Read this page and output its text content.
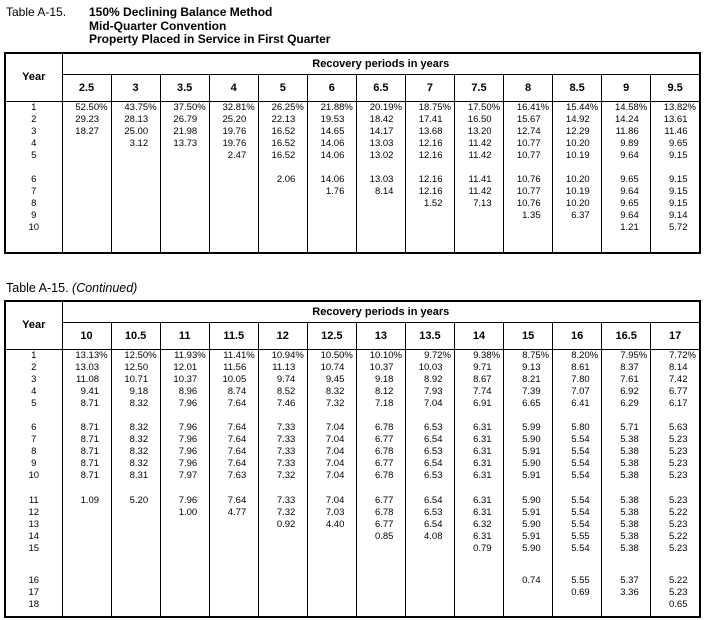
Table A-15.	150% Declining Balance Method
Mid-Quarter Convention
Property Placed in Service in First Quarter
Year	Recovery periods in years												
	2.5	3	3.5	4	5	6	6.5	7	7.5	8	8.5	9	9.5
1	52.50%	43.75%	37.50%	32.81%	26.25%	21.88%	20.19%	18.75%	17.50%	16.41%	15.44%	14.58%	13.82%
2	29.23	28.13	26.79	25.20	22.13	19.53	18.42	17.41	16.50	15.67	14.92	14.24	13.61
3	18.27	25.00	21.98	19.76	16.52	14.65	14.17	13.68	13.20	12.74	12.29	11.86	11.46
4		3.12	13.73	19.76	16.52	14.06	13.03	12.16	11.42	10.77	10.20	9.89	9.65
5				2.47	16.52	14.06	13.02	12.16	11.42	10.77	10.19	9.64	9.15

6					2.06	14.06	13.03	12.16	11.41	10.76	10.20	9.65	9.15
7						1.76	8.14	12.16	11.42	10.77	10.19	9.64	9.15
8								1.52	7.13	10.76	10.20	9.65	9.15
9										1.35	6.37	9.64	9.14
10												1.21	5.72

Table A-15. (Continued)
Year	Recovery periods in years												
	10	10.5	11	11.5	12	12.5	13	13.5	14	15	16	16.5	17
1	13.13%	12.50%	11.93%	11.41%	10.94%	10.50%	10.10%	9.72%	9.38%	8.75%	8.20%	7.95%	7.72%
2	13.03	12.50	12.01	11.56	11.13	10.74	10.37	10.03	9.71	9.13	8.61	8.37	8.14
3	11.08	10.71	10.37	10.05	9.74	9.45	9.18	8.92	8.67	8.21	7.80	7.61	7.42
4	9.41	9.18	8.96	8.74	8.52	8.32	8.12	7.93	7.74	7.39	7.07	6.92	6.77
5	8.71	8.32	7.96	7.64	7.46	7.32	7.18	7.04	6.91	6.65	6.41	6.29	6.17

6	8.71	8.32	7.96	7.64	7.33	7.04	6.78	6.53	6.31	5.99	5.80	5.71	5.63
7	8.71	8.32	7.96	7.64	7.33	7.04	6.77	6.54	6.31	5.90	5.54	5.38	5.23
8	8.71	8.32	7.96	7.64	7.33	7.04	6.78	6.53	6.31	5.91	5.54	5.38	5.23
9	8.71	8.32	7.96	7.64	7.33	7.04	6.77	6.54	6.31	5.90	5.54	5.38	5.23
10	8.71	8.31	7.97	7.63	7.32	7.04	6.78	6.53	6.31	5.91	5.54	5.38	5.23

11	1.09	5.20	7.96	7.64	7.33	7.04	6.77	6.54	6.31	5.90	5.54	5.38	5.23
12			1.00	4.77	7.32	7.03	6.78	6.53	6.31	5.91	5.54	5.38	5.22
13					0.92	4.40	6.77	6.54	6.32	5.90	5.54	5.38	5.23
14							0.85	4.08	6.31	5.91	5.55	5.38	5.22
15									0.79	5.90	5.54	5.38	5.23

16										0.74	5.55	5.37	5.22
17											0.69	3.36	5.23
18													0.65
